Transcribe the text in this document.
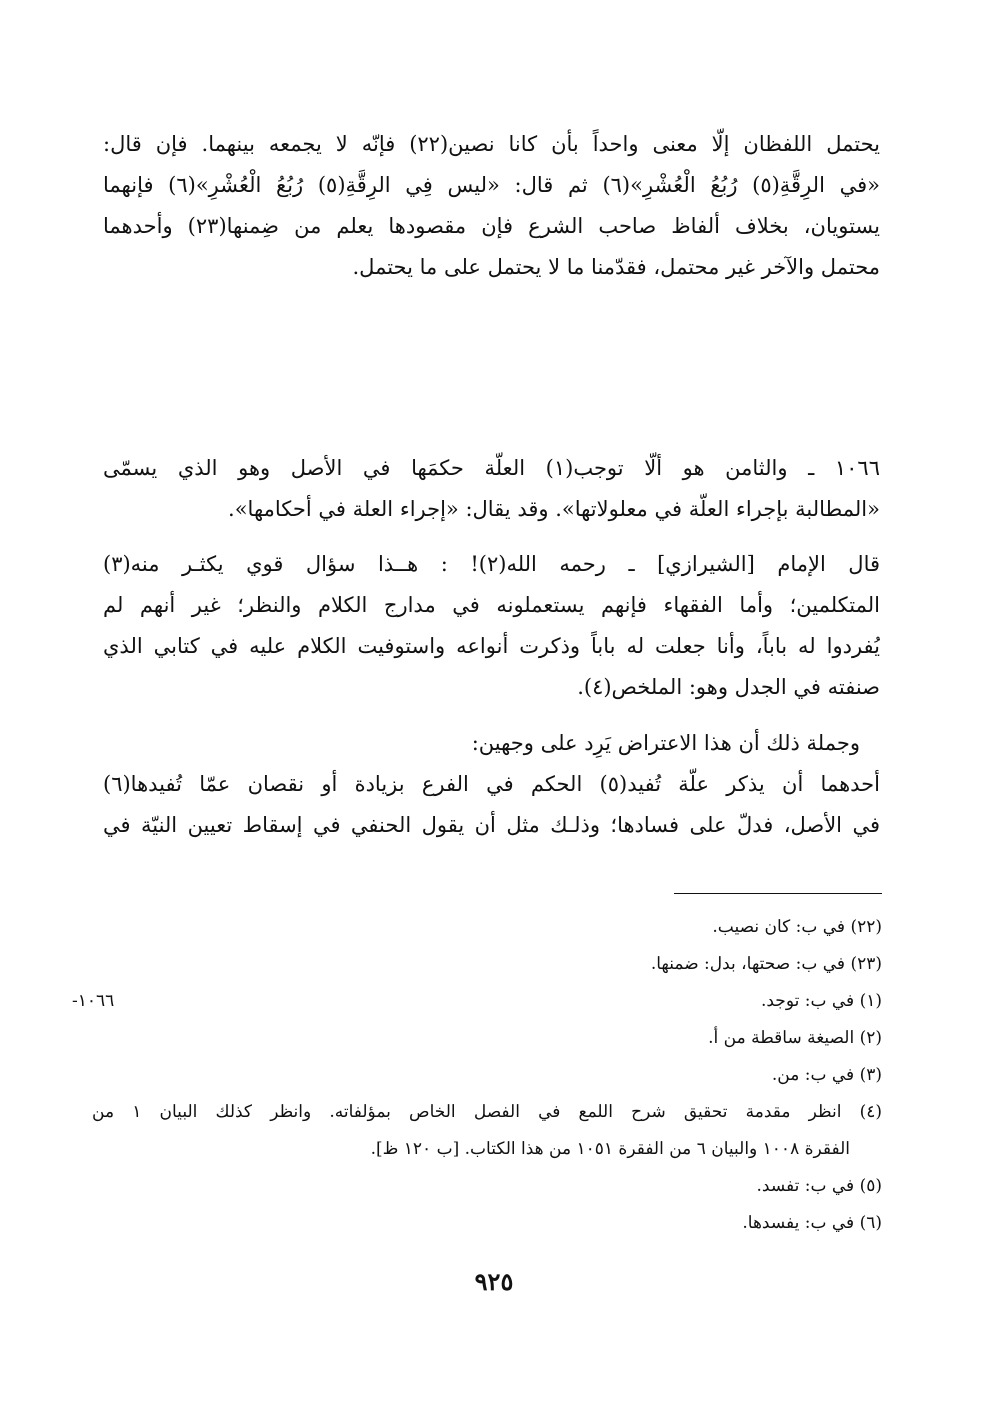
يحتمل اللفظان إلّا معنى واحداً بأن كانا نصين(٢٢) فإنّه لا يجمعه بينهما. فإن قال:
«في الرِقَّةِ(٥) رُبُعُ الْعُشْرِ»(٦) ثم قال: «ليس فِي الرِقَّةِ(٥) رُبُعُ الْعُشْرِ»(٦) فإنهما
يستويان، بخلاف ألفاظ صاحب الشرع فإن مقصودها يعلم من ضِمنها(٢٣) وأحدهما
محتمل والآخر غير محتمل، فقدّمنا ما لا يحتمل على ما يحتمل.
١٠٦٦ ـ والثامن هو ألّا توجب(١) العلّة حكمَها في الأصل وهو الذي يسمّى
«المطالبة بإجراء العلّة في معلولاتها». وقد يقال: «إجراء العلة في أحكامها».
قال الإمام [الشيرازي] ـ رحمه الله(٢)! : هــذا سؤال قوي يكثـر منه(٣)
المتكلمين؛ وأما الفقهاء فإنهم يستعملونه في مدارج الكلام والنظر؛ غير أنهم لم
يُفردوا له باباً، وأنا جعلت له باباً وذكرت أنواعه واستوفيت الكلام عليه في كتابي الذي
صنفته في الجدل وهو: الملخص(٤).
وجملة ذلك أن هذا الاعتراض يَرِد على وجهين:
أحدهما أن يذكر علّة تُفيد(٥) الحكم في الفرع بزيادة أو نقصان عمّا تُفيدها(٦)
في الأصل، فدلّ على فسادها؛ وذلـك مثل أن يقول الحنفي في إسقاط تعيين النيّة في
(٢٢) في ب: كان نصيب.
(٢٣) في ب: صحتها، بدل: ضمنها.
١٠٦٦-	(١) في ب: توجد.
(٢) الصيغة ساقطة من أ.
(٣) في ب: من.
(٤) انظر مقدمة تحقيق شرح اللمع في الفصل الخاص بمؤلفاته. وانظر كذلك البيان ١ من
الفقرة ١٠٠٨ والبيان ٦ من الفقرة ١٠٥١ من هذا الكتاب. [ب ١٢٠ ظ].
(٥) في ب: تفسد.
(٦) في ب: يفسدها.
٩٢٥
